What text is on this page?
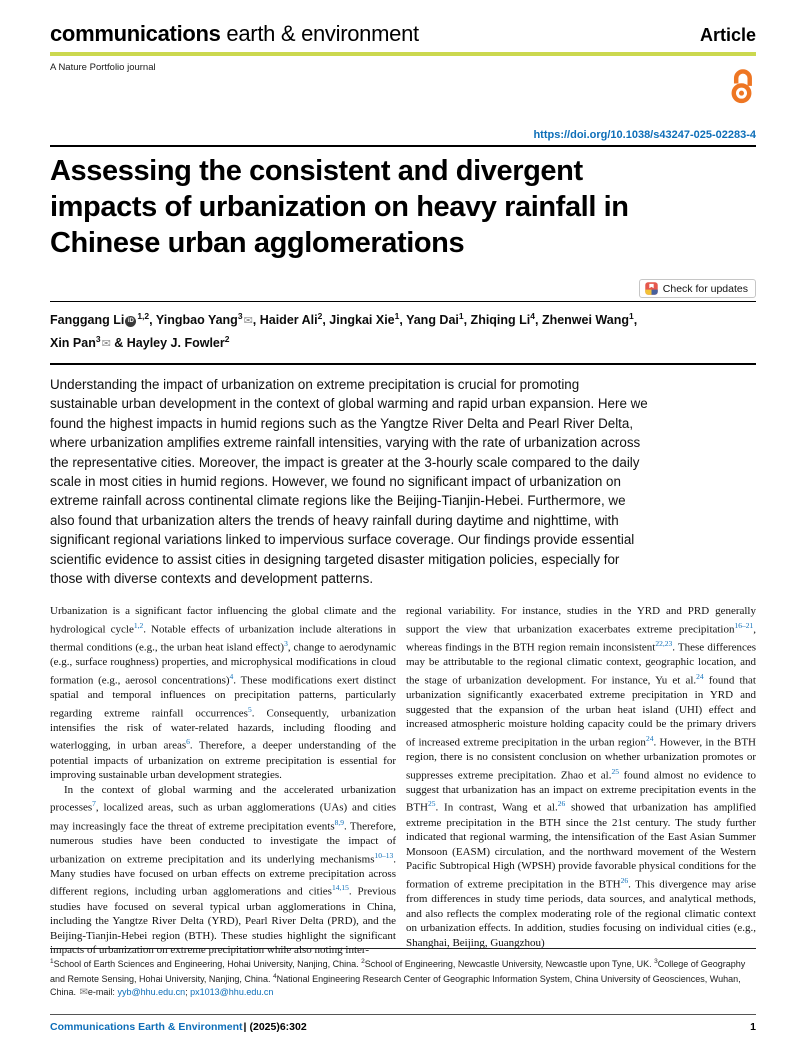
communications earth & environment	Article
A Nature Portfolio journal
https://doi.org/10.1038/s43247-025-02283-4
Assessing the consistent and divergent
impacts of urbanization on heavy rainfall in
Chinese urban agglomerations
Check for updates
Fanggang Li iD$^{1,2}$, Yingbao Yang$^3$✉, Haider Ali$^2$, Jingkai Xie$^1$, Yang Dai$^1$, Zhiqing Li$^4$, Zhenwei Wang$^1$,
Xin Pan$^3$✉ & Hayley J. Fowler$^2$

Understanding the impact of urbanization on extreme precipitation is crucial for promoting sustainable urban development in the context of global warming and rapid urban expansion. Here we found the highest impacts in humid regions such as the Yangtze River Delta and Pearl River Delta, where urbanization amplifies extreme rainfall intensities, varying with the rate of urbanization across the representative cities. Moreover, the impact is greater at the 3-hourly scale compared to the daily scale in most cities in humid regions. However, we found no significant impact of urbanization on extreme rainfall across continental climate regions like the Beijing-Tianjin-Hebei. Furthermore, we also found that urbanization alters the trends of heavy rainfall during daytime and nighttime, with significant regional variations linked to impervious surface coverage. Our findings provide essential scientific evidence to assist cities in designing targeted disaster mitigation policies, especially for those with diverse contexts and development patterns.

Urbanization is a significant factor influencing the global climate and the hydrological cycle$^{1,2}$. Notable effects of urbanization include alterations in thermal conditions (e.g., the urban heat island effect)$^3$, change to aerodynamic (e.g., surface roughness) properties, and microphysical modifications in cloud formation (e.g., aerosol concentrations)$^4$. These modifications exert distinct spatial and temporal influences on precipitation patterns, particularly regarding extreme rainfall occurrences$^5$. Consequently, urbanization intensifies the risk of water-related hazards, including flooding and waterlogging, in urban areas$^6$. Therefore, a deeper understanding of the potential impacts of urbanization on extreme precipitation is essential for improving sustainable urban development strategies.

In the context of global warming and the accelerated urbanization processes$^7$, localized areas, such as urban agglomerations (UAs) and cities may increasingly face the threat of extreme precipitation events$^{8,9}$. Therefore, numerous studies have been conducted to investigate the impact of urbanization on extreme precipitation and its underlying mechanisms$^{10-13}$. Many studies have focused on urban effects on extreme precipitation across different regions, including urban agglomerations and cities$^{14,15}$. Previous studies have focused on several typical urban agglomerations in China, including the Yangtze River Delta (YRD), Pearl River Delta (PRD), and the Beijing-Tianjin-Hebei region (BTH). These studies highlight the significant impacts of urbanization on extreme precipitation while also noting inter-

regional variability. For instance, studies in the YRD and PRD generally support the view that urbanization exacerbates extreme precipitation$^{16-21}$, whereas findings in the BTH region remain inconsistent$^{22,23}$. These differences may be attributable to the regional climatic context, geographic location, and the stage of urbanization development. For instance, Yu et al.$^{24}$ found that urbanization significantly exacerbated extreme precipitation in YRD and suggested that the expansion of the urban heat island (UHI) effect and increased atmospheric moisture holding capacity could be the primary drivers of increased extreme precipitation in the urban region$^{24}$. However, in the BTH region, there is no consistent conclusion on whether urbanization promotes or suppresses extreme precipitation. Zhao et al.$^{25}$ found almost no evidence to suggest that urbanization has an impact on extreme precipitation events in the BTH$^{25}$. In contrast, Wang et al.$^{26}$ showed that urbanization has amplified extreme precipitation in the BTH since the 21st century. The study further indicated that regional warming, the intensification of the East Asian Summer Monsoon (EASM) circulation, and the northward movement of the Western Pacific Subtropical High (WPSH) provide favorable physical conditions for the formation of extreme precipitation in the BTH$^{26}$. This divergence may arise from differences in study time periods, data sources, and analytical methods, and also reflects the complex moderating role of the regional climatic context on urbanization effects. In addition, studies focusing on individual cities (e.g., Shanghai, Beijing, Guangzhou)

$^1$School of Earth Sciences and Engineering, Hohai University, Nanjing, China. $^2$School of Engineering, Newcastle University, Newcastle upon Tyne, UK. $^3$College of Geography and Remote Sensing, Hohai University, Nanjing, China. $^4$National Engineering Research Center of Geographic Information System, China University of Geosciences, Wuhan, China. ✉e-mail: yyb@hhu.edu.cn; px1013@hhu.edu.cn
Communications Earth & Environment| (2025)6:302	1
